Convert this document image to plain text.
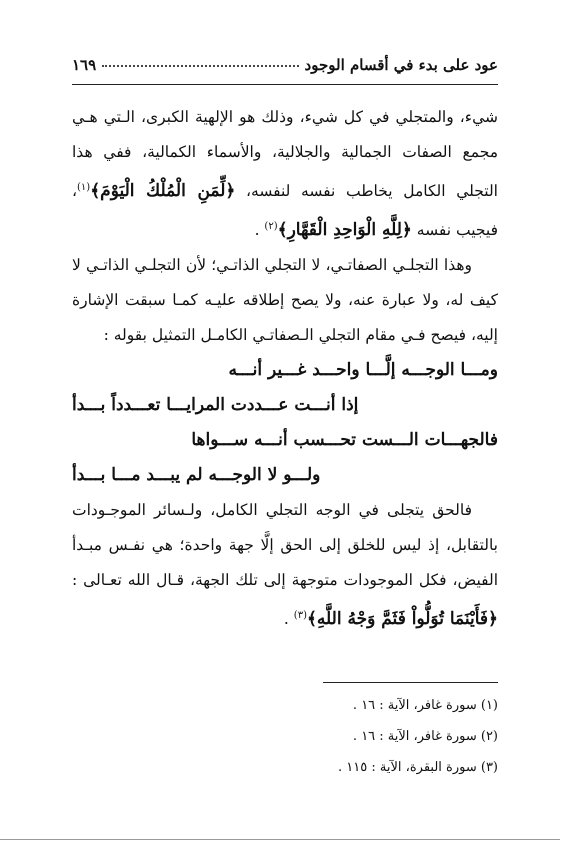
عود على بدء في أقسام الوجود
١٦٩

شيء، والمتجلي في كل شيء، وذلك هو الإلهية الكبرى، الـتي هـي مجمع الصفات الجمالية والجلالية، والأسماء الكمالية، ففي هذا التجلي الكامل يخاطب نفسه لنفسه، ﴿لِّمَنِ الْمُلْكُ الْيَوْمَ﴾$^{(١)}$، فيجيب نفسه ﴿لِلَّهِ الْوَاحِدِ الْقَهَّارِ﴾$^{(٢)}$ .

وهذا التجلـي الصفاتـي، لا التجلي الذاتـي؛ لأن التجلـي الذاتـي لا كيف له، ولا عبارة عنه، ولا يصح إطلاقه عليـه كمـا سبقت الإشارة إليه، فيصح فـي مقام التجلي الـصفاتـي الكامـل التمثيل بقوله :

ومـــا الوجـــه إلَّـــا واحـــد غـــير أنـــه
إذا أنـــت عـــددت المرايـــا تعـــدداً بـــدأ
فالجهـــات الـــست تحـــسب أنـــه ســـواها
ولـــو لا الوجـــه لم يبـــد مـــا بـــدأ

فالحق يتجلى في الوجه التجلي الكامل، ولـسائر الموجـودات بالتقابل، إذ ليس للخلق إلى الحق إلَّا جهة واحدة؛ هي نفـس مبـدأ الفيض، فكل الموجودات متوجهة إلى تلك الجهة، قـال الله تعـالى : ﴿فَأَيْنَمَا تُوَلُّواْ فَثَمَّ وَجْهُ اللَّهِ﴾$^{(٣)}$ .

(١) سورة غافر، الآية : ١٦ .
(٢) سورة غافر، الآية : ١٦ .
(٣) سورة البقرة، الآية : ١١٥ .
